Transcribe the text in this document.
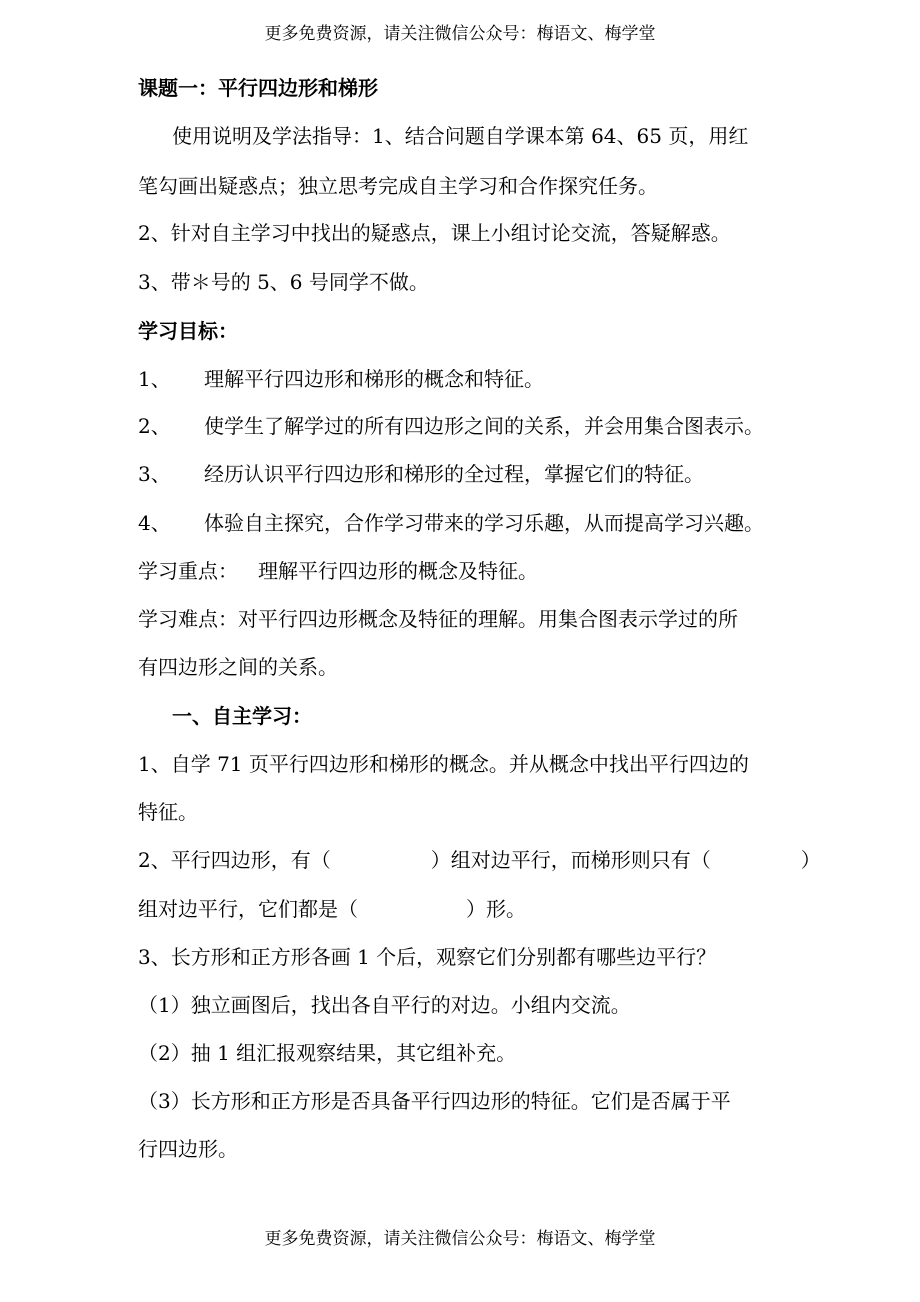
更多免费资源，请关注微信公众号：梅语文、梅学堂
课题一：平行四边形和梯形
使用说明及学法指导：1、结合问题自学课本第 64、65 页，用红
笔勾画出疑惑点；独立思考完成自主学习和合作探究任务。
2、针对自主学习中找出的疑惑点，课上小组讨论交流，答疑解惑。
3、带＊号的 5、6 号同学不做。
学习目标：
1、 理解平行四边形和梯形的概念和特征。
2、 使学生了解学过的所有四边形之间的关系，并会用集合图表示。
3、 经历认识平行四边形和梯形的全过程，掌握它们的特征。
4、 体验自主探究，合作学习带来的学习乐趣，从而提高学习兴趣。
学习重点： 理解平行四边形的概念及特征。
学习难点：对平行四边形概念及特征的理解。用集合图表示学过的所
有四边形之间的关系。
一、自主学习：
1、自学 71 页平行四边形和梯形的概念。并从概念中找出平行四边的
特征。
2、平行四边形，有（	）组对边平行，而梯形则只有（	）
组对边平行，它们都是（	）形。
3、长方形和正方形各画 1 个后，观察它们分别都有哪些边平行？
（1）独立画图后，找出各自平行的对边。小组内交流。
（2）抽 1 组汇报观察结果，其它组补充。
（3）长方形和正方形是否具备平行四边形的特征。它们是否属于平
行四边形。
更多免费资源，请关注微信公众号：梅语文、梅学堂
